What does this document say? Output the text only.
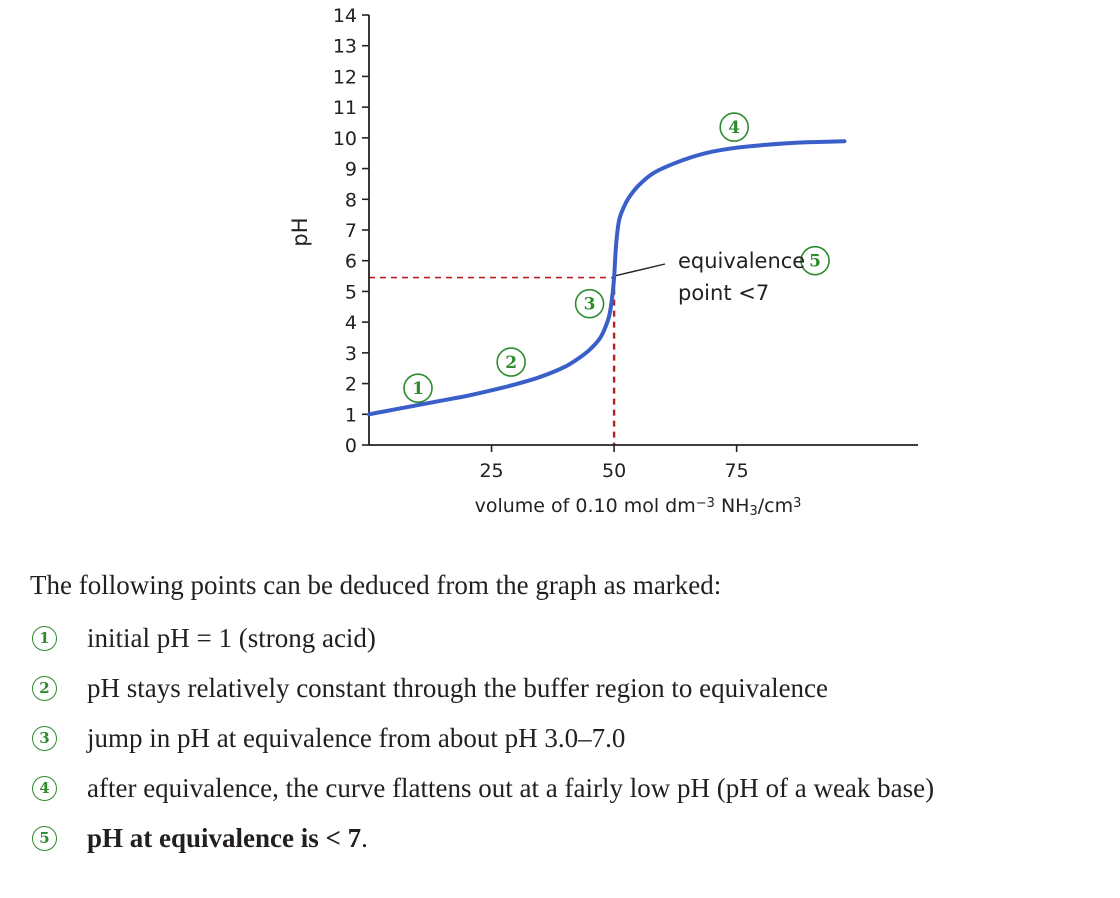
0
1
2
3
4
5
6
7
8
9
10
11
12
13
14
25	50	75
1
2
3
4
5
pH
volume of 0.10 mol dm−3 NH3/cm3
equivalence
point <7

The following points can be deduced from the graph as marked:

1 initial pH = 1 (strong acid)
2 pH stays relatively constant through the buffer region to equivalence
3 jump in pH at equivalence from about pH 3.0–7.0
4 after equivalence, the curve flattens out at a fairly low pH (pH of a weak base)
5 pH at equivalence is < 7.
